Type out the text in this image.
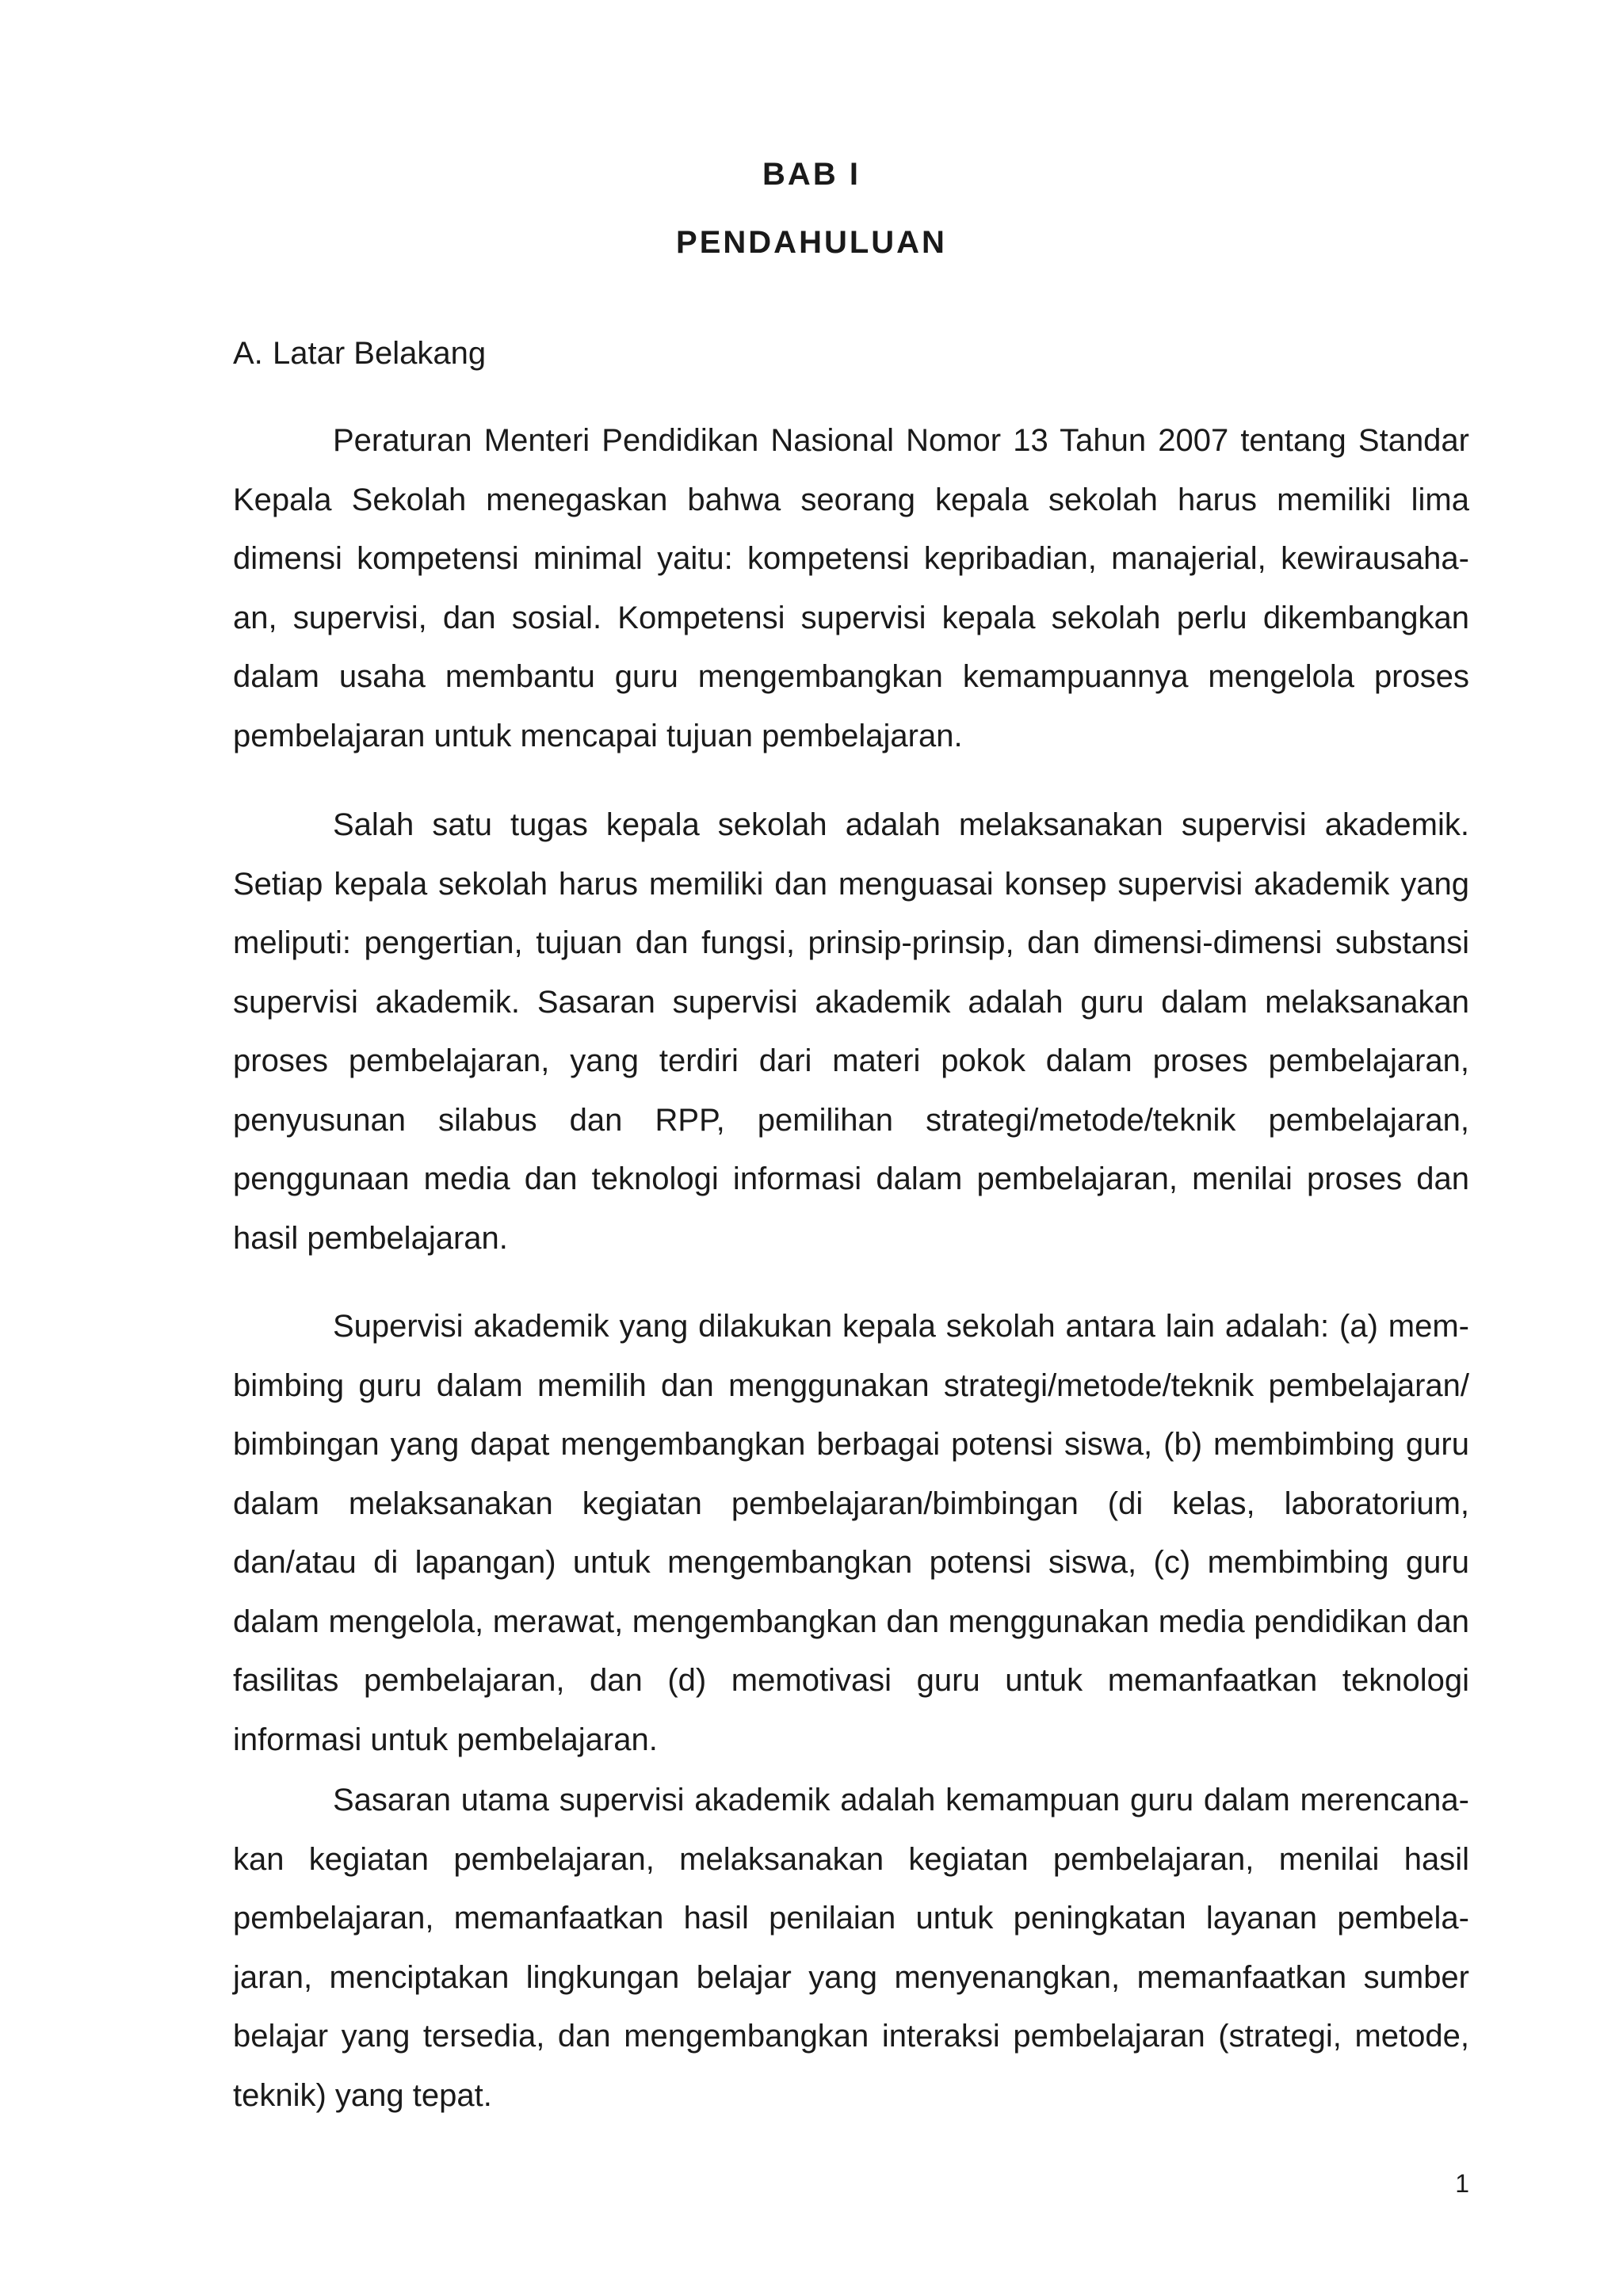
BAB I
PENDAHULUAN
A. Latar Belakang

Peraturan Menteri Pendidikan Nasional Nomor 13 Tahun 2007 tentang Standar Kepala Sekolah menegaskan bahwa seorang kepala sekolah harus memiliki lima dimensi kompetensi minimal yaitu: kompetensi kepribadian, manajerial, kewirausaha-an, supervisi, dan sosial. Kompetensi supervisi kepala sekolah perlu dikembangkan dalam usaha membantu guru mengembangkan kemampuannya mengelola proses pembelajaran untuk mencapai tujuan pembelajaran.

Salah satu tugas kepala sekolah adalah melaksanakan supervisi akademik. Setiap kepala sekolah harus memiliki dan menguasai konsep supervisi akademik yang meliputi: pengertian, tujuan dan fungsi, prinsip-prinsip, dan dimensi-dimensi substansi supervisi akademik. Sasaran supervisi akademik adalah guru dalam melaksanakan proses pembelajaran, yang terdiri dari materi pokok dalam proses pembelajaran, penyusunan silabus dan RPP, pemilihan strategi/metode/teknik pembelajaran, penggunaan media dan teknologi informasi dalam pembelajaran, menilai proses dan hasil pembelajaran.

Supervisi akademik yang dilakukan kepala sekolah antara lain adalah: (a) mem-bimbing guru dalam memilih dan menggunakan strategi/metode/teknik pembelajaran/ bimbingan yang dapat mengembangkan berbagai potensi siswa, (b) membimbing guru dalam melaksanakan kegiatan pembelajaran/bimbingan (di kelas, laboratorium, dan/atau di lapangan) untuk mengembangkan potensi siswa, (c) membimbing guru dalam mengelola, merawat, mengembangkan dan menggunakan media pendidikan dan fasilitas pembelajaran, dan (d) memotivasi guru untuk memanfaatkan teknologi informasi untuk pembelajaran.

Sasaran utama supervisi akademik adalah kemampuan guru dalam merencana-kan kegiatan pembelajaran, melaksanakan kegiatan pembelajaran, menilai hasil pembelajaran, memanfaatkan hasil penilaian untuk peningkatan layanan pembela-jaran, menciptakan lingkungan belajar yang menyenangkan, memanfaatkan sumber belajar yang tersedia, dan mengembangkan interaksi pembelajaran (strategi, metode, teknik) yang tepat.

1
